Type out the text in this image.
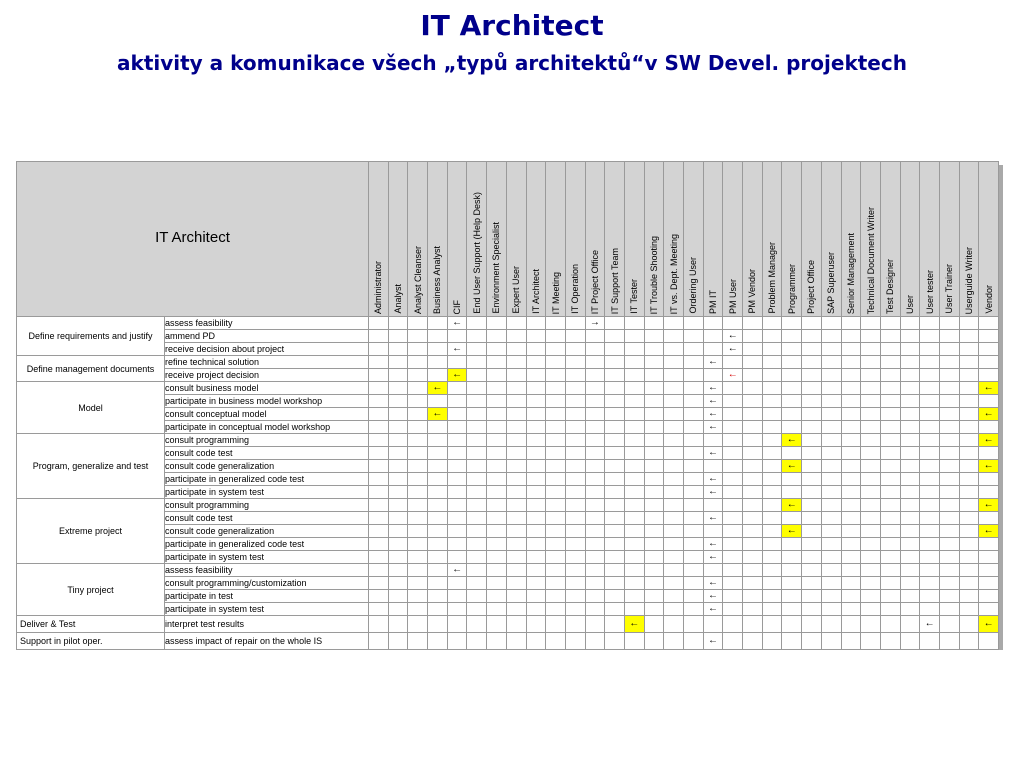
IT Architect
aktivity a komunikace všech „typů architektů“v SW Devel. projektech
IT Architect		Administrator	Analyst	Analyst Cleanser	Business Analyst	CIF	End User Support (Help Desk)	Environment Specialist	Expert User	IT Architect	IT Meeting	IT Operation	IT Project Office	IT Support Team	IT Tester	IT Trouble Shooting	IT vs. Dept. Meeting	Ordering User	PM IT	PM User	PM Vendor	Problem Manager	Programmer	Project Office	SAP Superuser	Senior Management	Technical Document Writer	Test Designer	User	User tester	User Trainer	Userguide Writer	Vendor

Define requirements and justify	assess feasibility					←							→																				
	ammend PD																			←													
	receive decision about project					←														←													
Define management documents	refine technical solution																		←														
	receive project decision					←														←													
Model	consult business model				←														←														←
	participate in business model workshop																		←														
	consult conceptual model				←														←														←
	participate in conceptual model workshop																		←														
Program, generalize and test	consult programming																						←										←
	consult code test																		←														
	consult code generalization																						←										←
	participate in generalized code test																		←														
	participate in system test																		←														
Extreme project	consult programming																						←										←
	consult code test																		←														
	consult code generalization																						←										←
	participate in generalized code test																		←														
	participate in system test																		←														
Tiny project	assess feasibility					←																											
	consult programming/customization																		←														
	participate in test																		←														
	participate in system test																		←														
Deliver & Test	interpret test results														←															←			←
Support in pilot oper.	assess impact of repair on the whole IS																		←														
